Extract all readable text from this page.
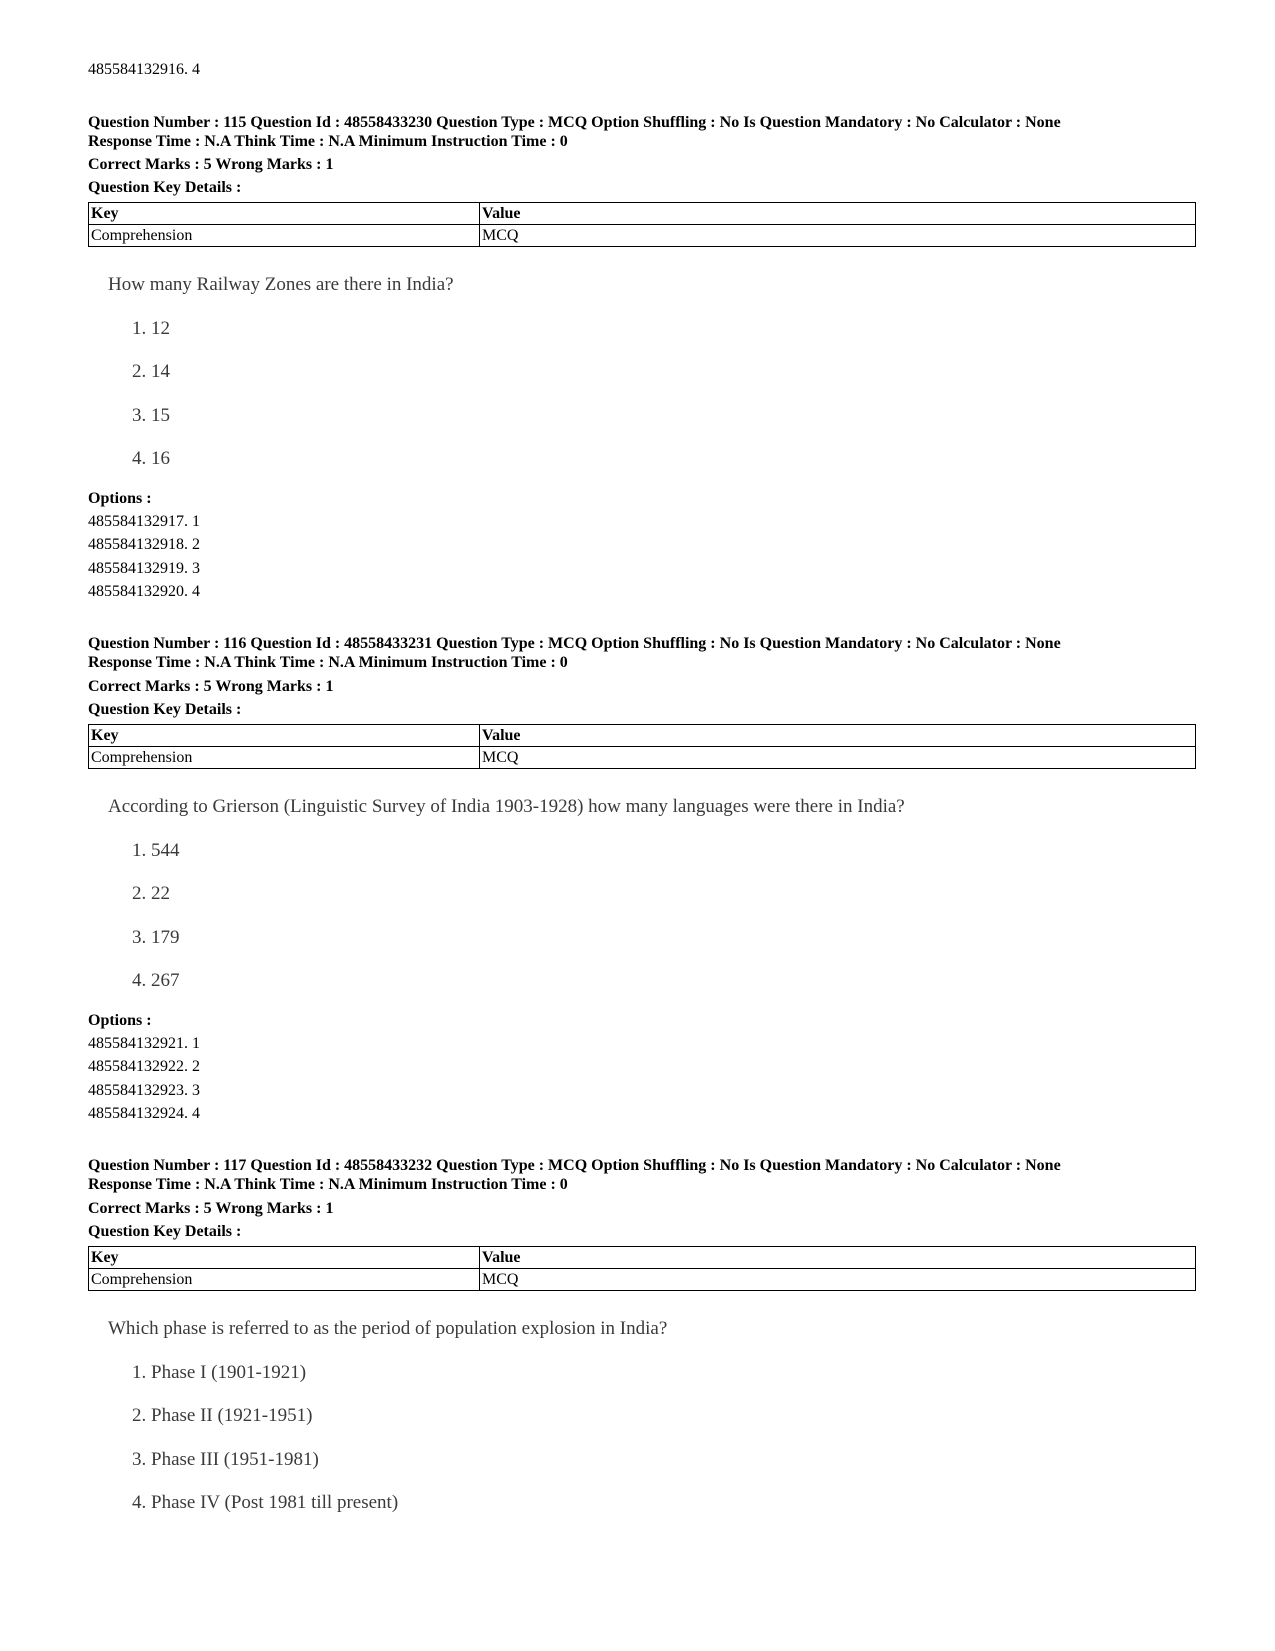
485584132916. 4
Question Number : 115 Question Id : 48558433230 Question Type : MCQ Option Shuffling : No Is Question Mandatory : No Calculator : None
Response Time : N.A Think Time : N.A Minimum Instruction Time : 0
Correct Marks : 5 Wrong Marks : 1
Question Key Details :
Key	Value
Comprehension	MCQ
How many Railway Zones are there in India?
1. 12
2. 14
3. 15
4. 16
Options :
485584132917. 1
485584132918. 2
485584132919. 3
485584132920. 4
Question Number : 116 Question Id : 48558433231 Question Type : MCQ Option Shuffling : No Is Question Mandatory : No Calculator : None
Response Time : N.A Think Time : N.A Minimum Instruction Time : 0
Correct Marks : 5 Wrong Marks : 1
Question Key Details :
Key	Value
Comprehension	MCQ
According to Grierson (Linguistic Survey of India 1903-1928) how many languages were there in India?
1. 544
2. 22
3. 179
4. 267
Options :
485584132921. 1
485584132922. 2
485584132923. 3
485584132924. 4
Question Number : 117 Question Id : 48558433232 Question Type : MCQ Option Shuffling : No Is Question Mandatory : No Calculator : None
Response Time : N.A Think Time : N.A Minimum Instruction Time : 0
Correct Marks : 5 Wrong Marks : 1
Question Key Details :
Key	Value
Comprehension	MCQ
Which phase is referred to as the period of population explosion in India?
1. Phase I (1901-1921)
2. Phase II (1921-1951)
3. Phase III (1951-1981)
4. Phase IV (Post 1981 till present)
